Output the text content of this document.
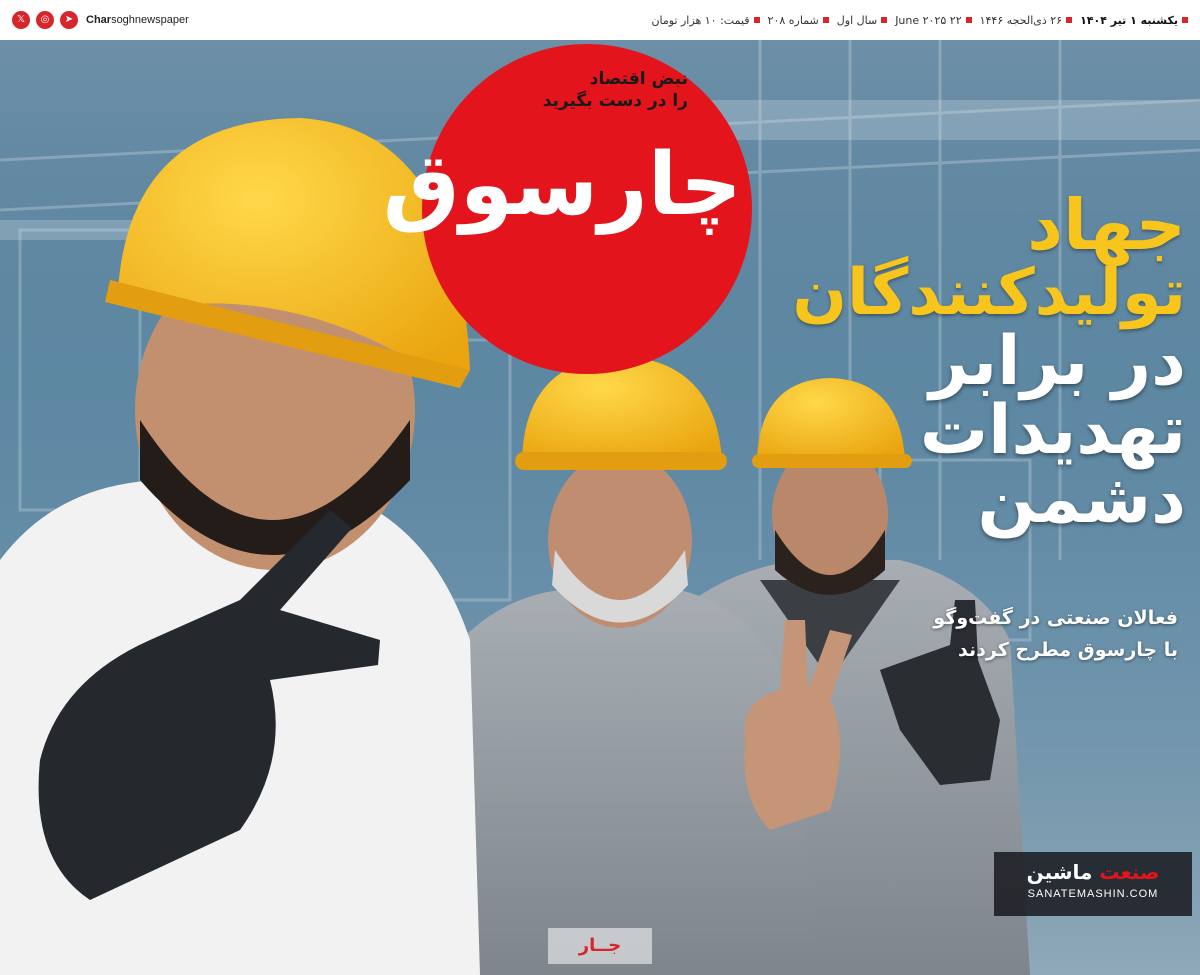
𝕏	◎	➤	Charsoghnewspaper	یکشنبه ۱ تیر ۱۴۰۴
۲۶ ذی‌الحجه ۱۴۴۶
۲۲ June ۲۰۲۵
سال اول
شماره ۲۰۸
قیمت: ۱۰ هزار تومان
نبض اقتصاد
را در دست بگیرید
چارسوق	جهاد
تولیدکنندگان
در برابر
تهدیدات
دشمن
فعالان صنعتی در گفت‌وگو
با چارسوق مطرح کردند
صنعت ماشین
SANATEMASHIN.COM
جــار
